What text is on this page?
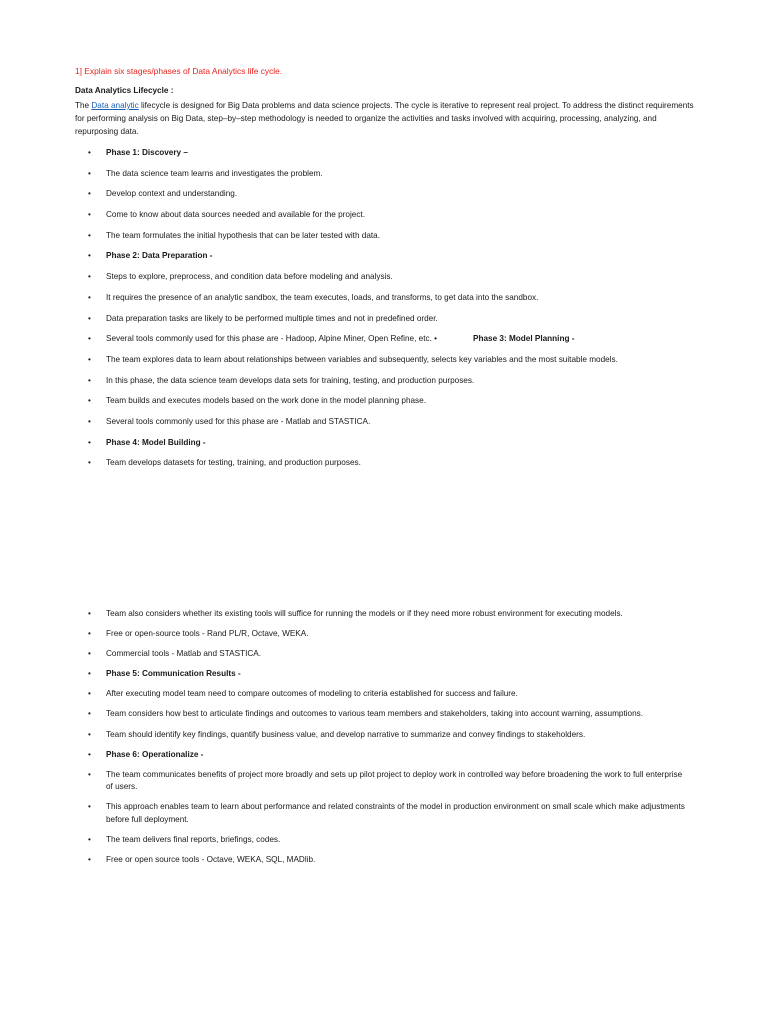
1] Explain six stages/phases of Data Analytics life cycle.
Data Analytics Lifecycle :
The Data analytic lifecycle is designed for Big Data problems and data science projects. The cycle is iterative to represent real project. To address the distinct requirements for performing analysis on Big Data, step–by–step methodology is needed to organize the activities and tasks involved with acquiring, processing, analyzing, and repurposing data.
• Phase 1: Discovery –
• The data science team learns and investigates the problem.
• Develop context and understanding.
• Come to know about data sources needed and available for the project.
• The team formulates the initial hypothesis that can be later tested with data.
• Phase 2: Data Preparation -
• Steps to explore, preprocess, and condition data before modeling and analysis.
• It requires the presence of an analytic sandbox, the team executes, loads, and transforms, to get data into the sandbox.
• Data preparation tasks are likely to be performed multiple times and not in predefined order.
• Several tools commonly used for this phase are - Hadoop, Alpine Miner, Open Refine, etc. •	Phase 3: Model Planning -
• The team explores data to learn about relationships between variables and subsequently, selects key variables and the most suitable models.
• In this phase, the data science team develops data sets for training, testing, and production purposes.
• Team builds and executes models based on the work done in the model planning phase.
• Several tools commonly used for this phase are - Matlab and STASTICA.
• Phase 4: Model Building -
• Team develops datasets for testing, training, and production purposes.
• Team also considers whether its existing tools will suffice for running the models or if they need more robust environment for executing models.
• Free or open-source tools - Rand PL/R, Octave, WEKA.
• Commercial tools - Matlab and STASTICA.
• Phase 5: Communication Results -
• After executing model team need to compare outcomes of modeling to criteria established for success and failure.
• Team considers how best to articulate findings and outcomes to various team members and stakeholders, taking into account warning, assumptions.
• Team should identify key findings, quantify business value, and develop narrative to summarize and convey findings to stakeholders.
• Phase 6: Operationalize -
• The team communicates benefits of project more broadly and sets up pilot project to deploy work in controlled way before broadening the work to full enterprise of users.
• This approach enables team to learn about performance and related constraints of the model in production environment on small scale which make adjustments before full deployment.
• The team delivers final reports, briefings, codes.
• Free or open source tools - Octave, WEKA, SQL, MADlib.
